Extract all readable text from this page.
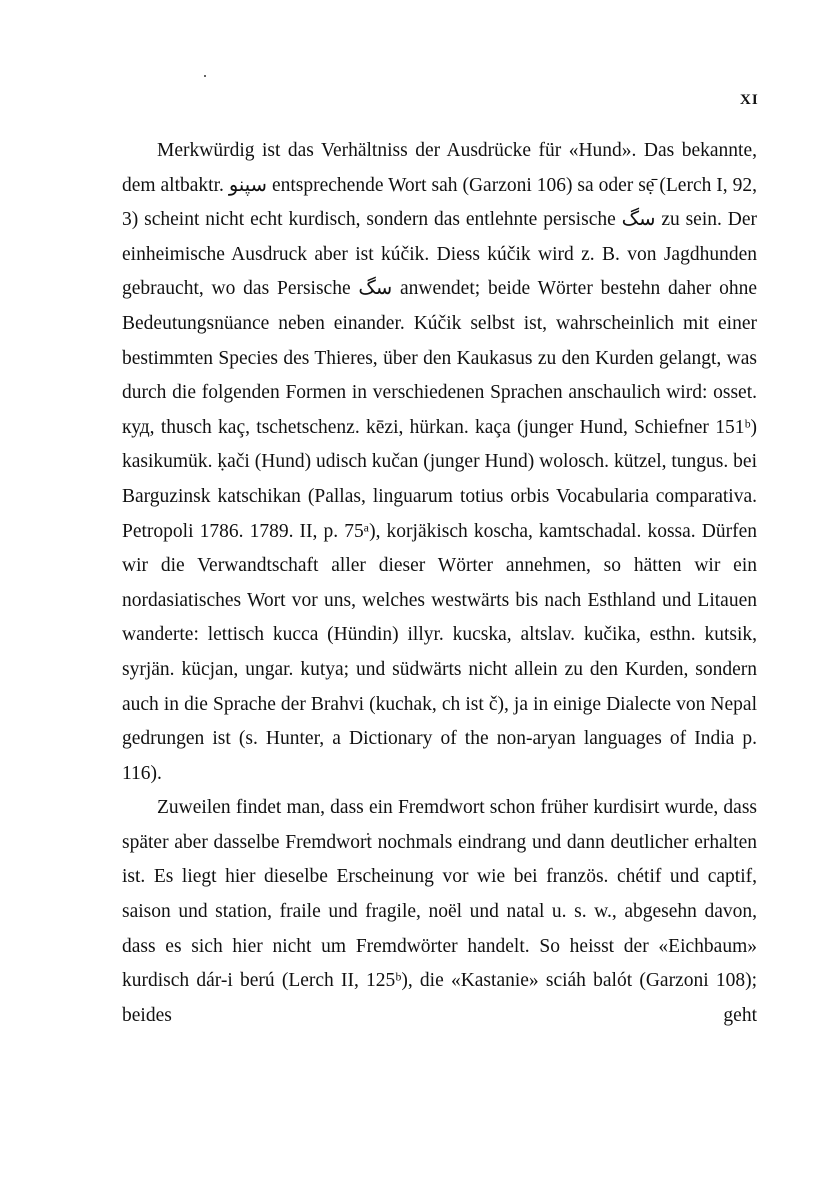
XI

Merkwürdig ist das Verhältniss der Ausdrücke für «Hund». Das bekannte, dem altbaktr. سپنو entsprechende Wort sah (Garzoni 106) sa oder sẹ̄ (Lerch I, 92, 3) scheint nicht echt kurdisch, sondern das entlehnte persische سگ zu sein. Der einheimische Ausdruck aber ist kúčik. Diess kúčik wird z. B. von Jagdhunden gebraucht, wo das Persische سگ anwendet; beide Wörter bestehn daher ohne Bedeutungsnüance neben einander. Kúčik selbst ist, wahrscheinlich mit einer bestimmten Species des Thieres, über den Kaukasus zu den Kurden gelangt, was durch die folgenden Formen in verschiedenen Sprachen anschaulich wird: osset. куд, thusch kaç, tschetschenz. kēzi, hürkan. kaça (junger Hund, Schiefner 151ᵇ) kasikumük. ḳači (Hund) udisch kučan (junger Hund) wolosch. kützel, tungus. bei Barguzinsk katschikan (Pallas, linguarum totius orbis Vocabularia comparativa. Petropoli 1786. 1789. II, p. 75ᵃ), korjäkisch koscha, kamtschadal. kossa. Dürfen wir die Verwandtschaft aller dieser Wörter annehmen, so hätten wir ein nordasiatisches Wort vor uns, welches westwärts bis nach Esthland und Litauen wanderte: lettisch kucca (Hündin) illyr. kucska, altslav. kučika, esthn. kutsik, syrjän. kücjan, ungar. kutya; und südwärts nicht allein zu den Kurden, sondern auch in die Sprache der Brahvi (kuchak, ch ist č), ja in einige Dialecte von Nepal gedrungen ist (s. Hunter, a Dictionary of the non-aryan languages of India p. 116).

Zuweilen findet man, dass ein Fremdwort schon früher kurdisirt wurde, dass später aber dasselbe Fremdwort nochmals eindrang und dann deutlicher erhalten ist. Es liegt hier dieselbe Erscheinung vor wie bei französ. chétif und captif, saison und station, fraile und fragile, noël und natal u. s. w., abgesehn davon, dass es sich hier nicht um Fremdwörter handelt. So heisst der «Eichbaum» kurdisch dár-i berú (Lerch II, 125ᵇ), die «Kastanie» sciáh balót (Garzoni 108); beides geht
